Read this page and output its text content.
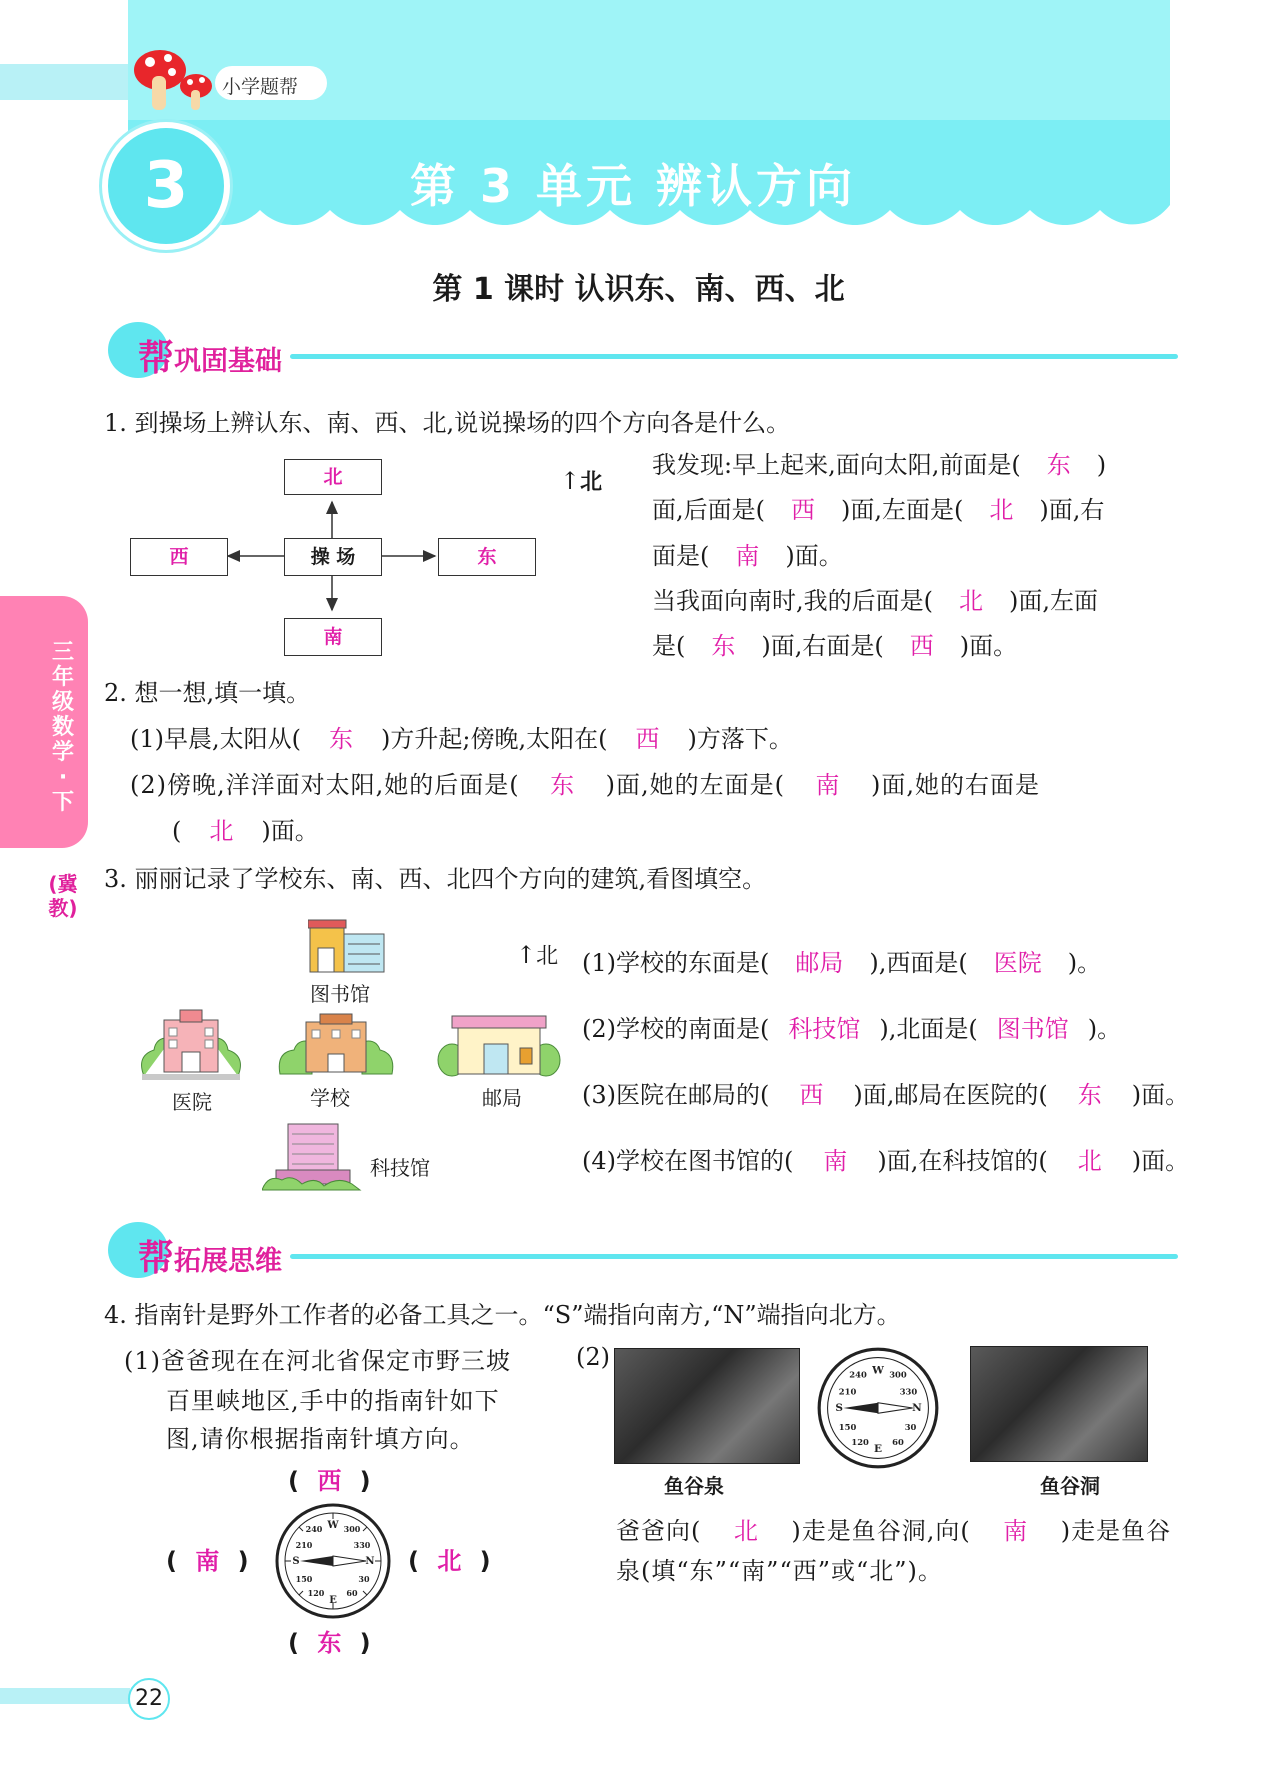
小学题帮
3	第 3 单元 辨认方向
第 1 课时 认识东、南、西、北
三年级数学·下
(冀教)
帮巩固基础
1. 到操场上辨认东、南、西、北,说说操场的四个方向各是什么。
北
操 场
西	东
南
↑北
我发现:早上起来,面向太阳,前面是( 东 )
面,后面是( 西 )面,左面是( 北 )面,右
面是( 南 )面。
当我面向南时,我的后面是( 北 )面,左面
是( 东 )面,右面是( 西 )面。
2. 想一想,填一填。
(1)早晨,太阳从( 东 )方升起;傍晚,太阳在( 西 )方落下。
(2)傍晚,洋洋面对太阳,她的后面是( 东 )面,她的左面是( 南 )面,她的右面是
( 北 )面。
3. 丽丽记录了学校东、南、西、北四个方向的建筑,看图填空。
图书馆
医院	学校	邮局
科技馆
↑北 (1)学校的东面是( 邮局 ),西面是( 医院 )。
(2)学校的南面是( 科技馆 ),北面是( 图书馆 )。
(3)医院在邮局的( 西 )面,邮局在医院的( 东 )面。
(4)学校在图书馆的( 南 )面,在科技馆的( 北 )面。
帮拓展思维
4. 指南针是野外工作者的必备工具之一。“S”端指向南方,“N”端指向北方。
(1)爸爸现在在河北省保定市野三坡
百里峡地区,手中的指南针如下
图,请你根据指南针填方向。
( 西 )
( 南 )	( 北 )
( 东 )
W
E
S	N
240	300
210	330
150	30
120	60
(2)
鱼谷泉
W
E
S	N
240	300
210	330
150	30
120	60
鱼谷洞
爸爸向( 北 )走是鱼谷洞,向( 南 )走是鱼谷
泉(填“东”“南”“西”或“北”)。
22
